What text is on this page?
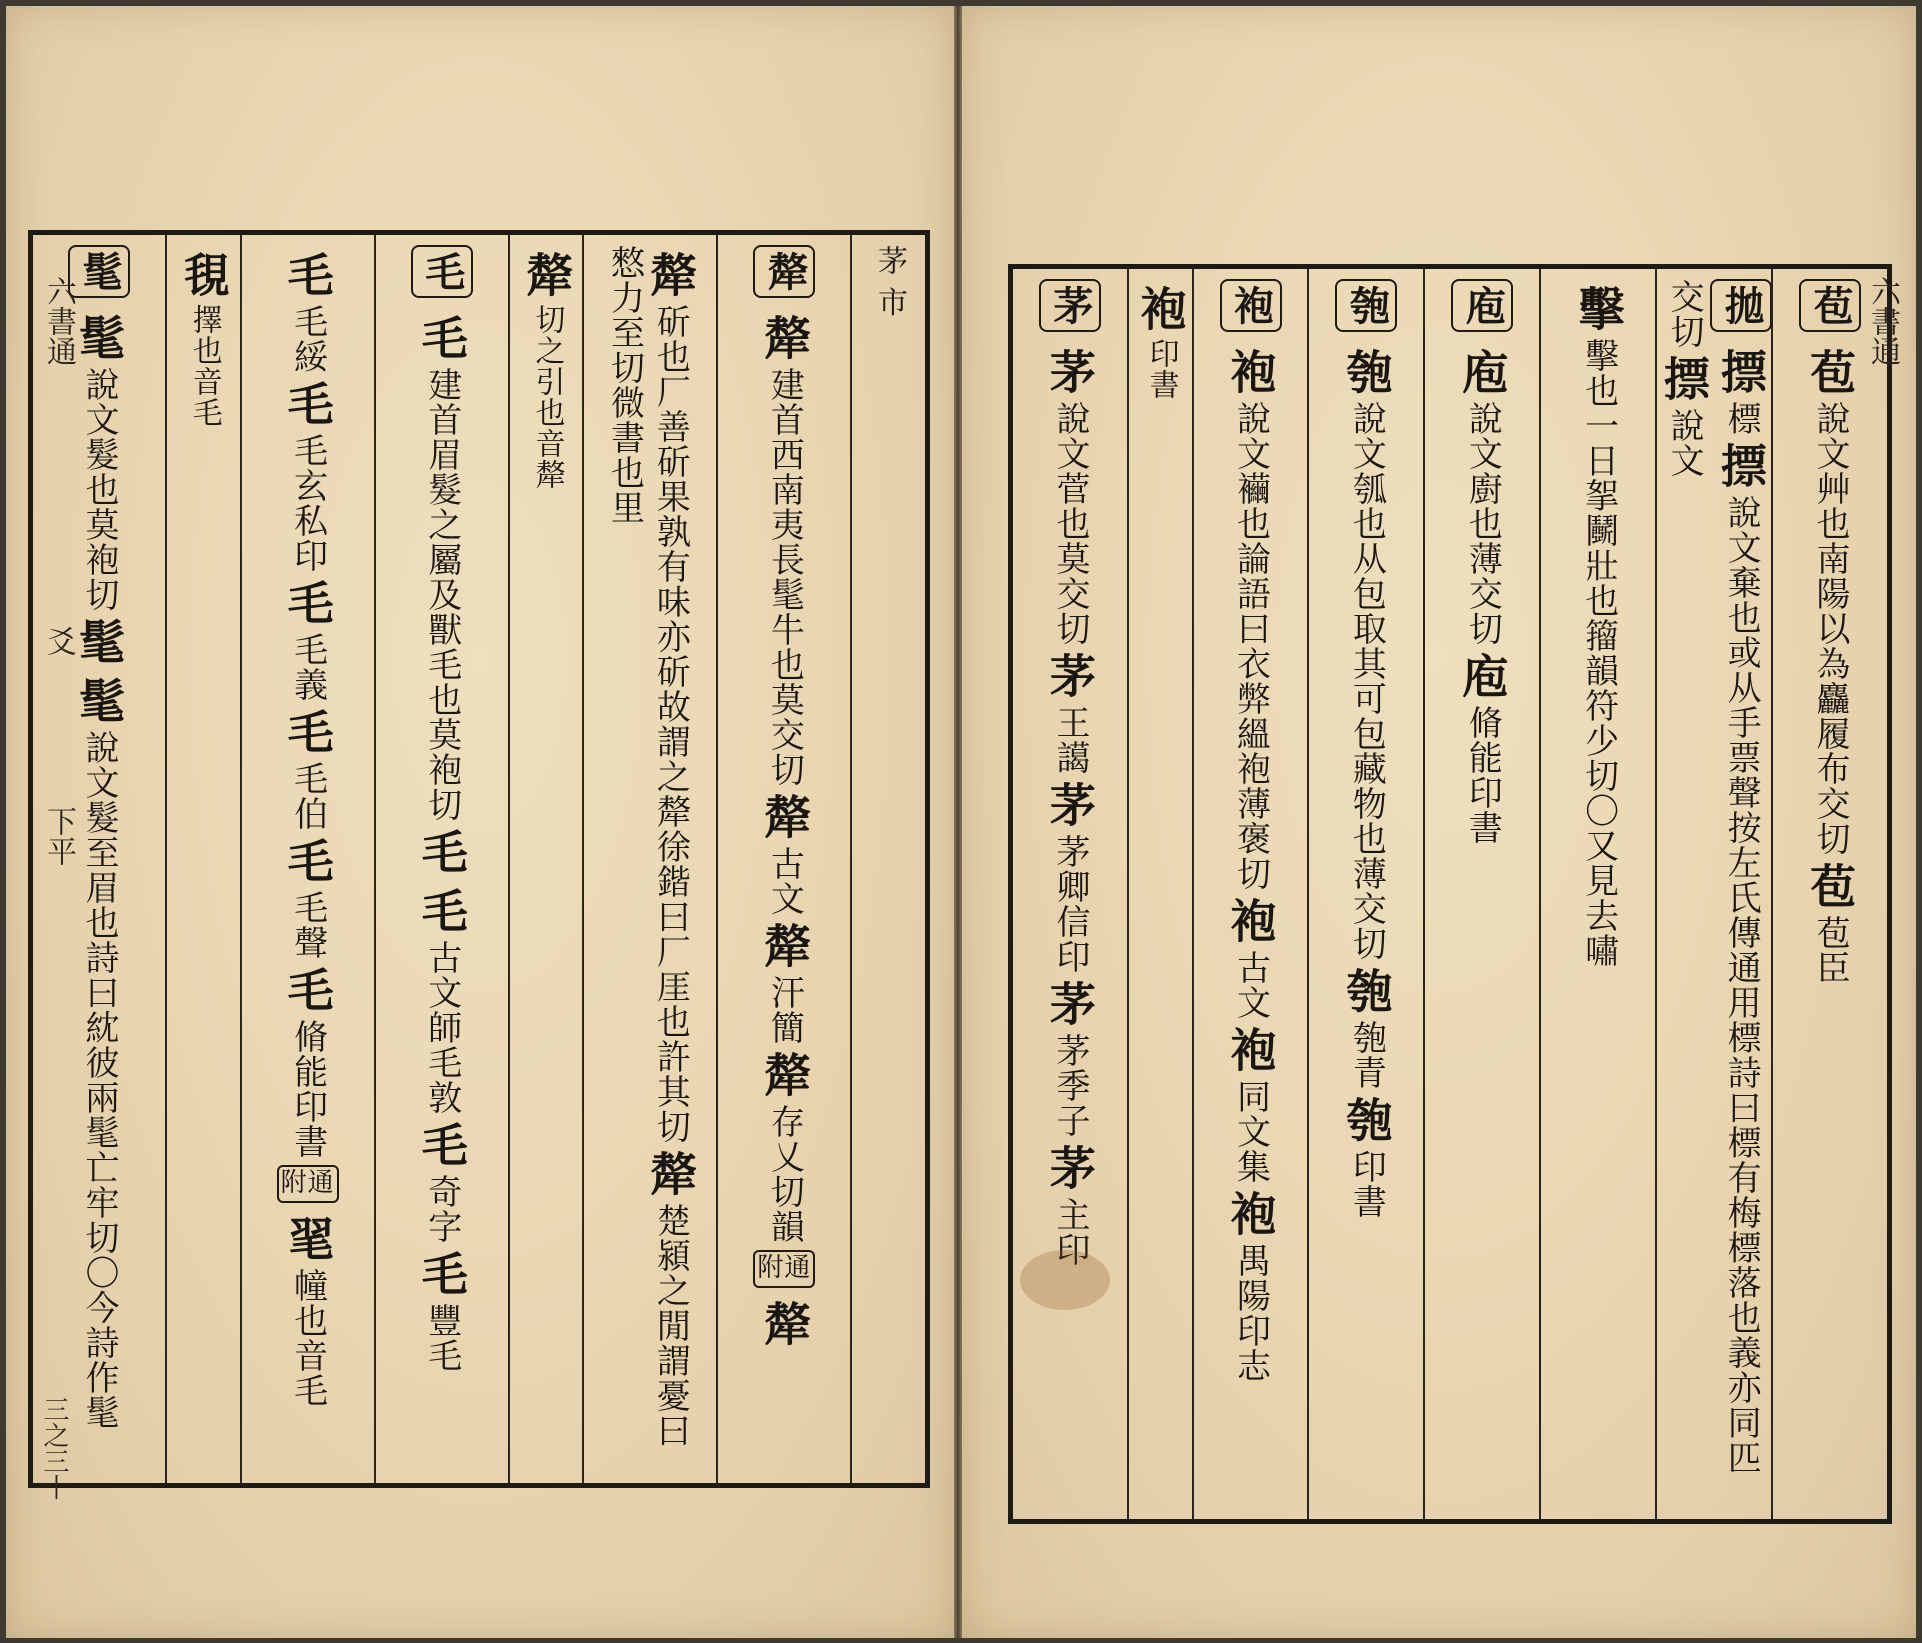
茅 市
犛犛建首西南夷長髦牛也莫交切犛古文犛汗簡犛存乂切韻附通犛
犛斫也厂善斫果孰有味亦斫故謂之犛徐鍇曰厂厓也許其切犛楚潁之閒謂憂曰憗力至切微書也里
犛切之引也音犛
毛毛建首眉髮之屬及獸毛也莫袍切毛毛古文師毛敦毛奇字毛豐毛
毛毛綏毛毛玄私印毛毛義毛毛伯毛毛聲毛脩能印書附通毣幢也音毛
覒擇也音毛
髦髦說文髮也莫袍切髦髦說文髮至眉也詩曰紞彼兩髦亡牢切〇今詩作髦
六書通
爻
下平
三之三十
苞苞說文艸也南陽以為麤履布交切苞苞臣
拋摽標摽說文棄也或从手票聲按左氏傳通用標詩曰標有梅標落也義亦同匹交切摽說文
擊擊也一日挐鬭壯也籀韻符少切〇又見去嘯
庖庖說文廚也薄交切庖脩能印書
匏匏說文瓠也从包取其可包藏物也薄交切匏匏青匏印書
袍袍說文襺也論語曰衣弊縕袍薄褒切袍古文袍同文集袍禺陽印志
袍印書
茅茅說文菅也莫交切茅王譪茅茅卿信印茅茅季子茅主印
六書通
